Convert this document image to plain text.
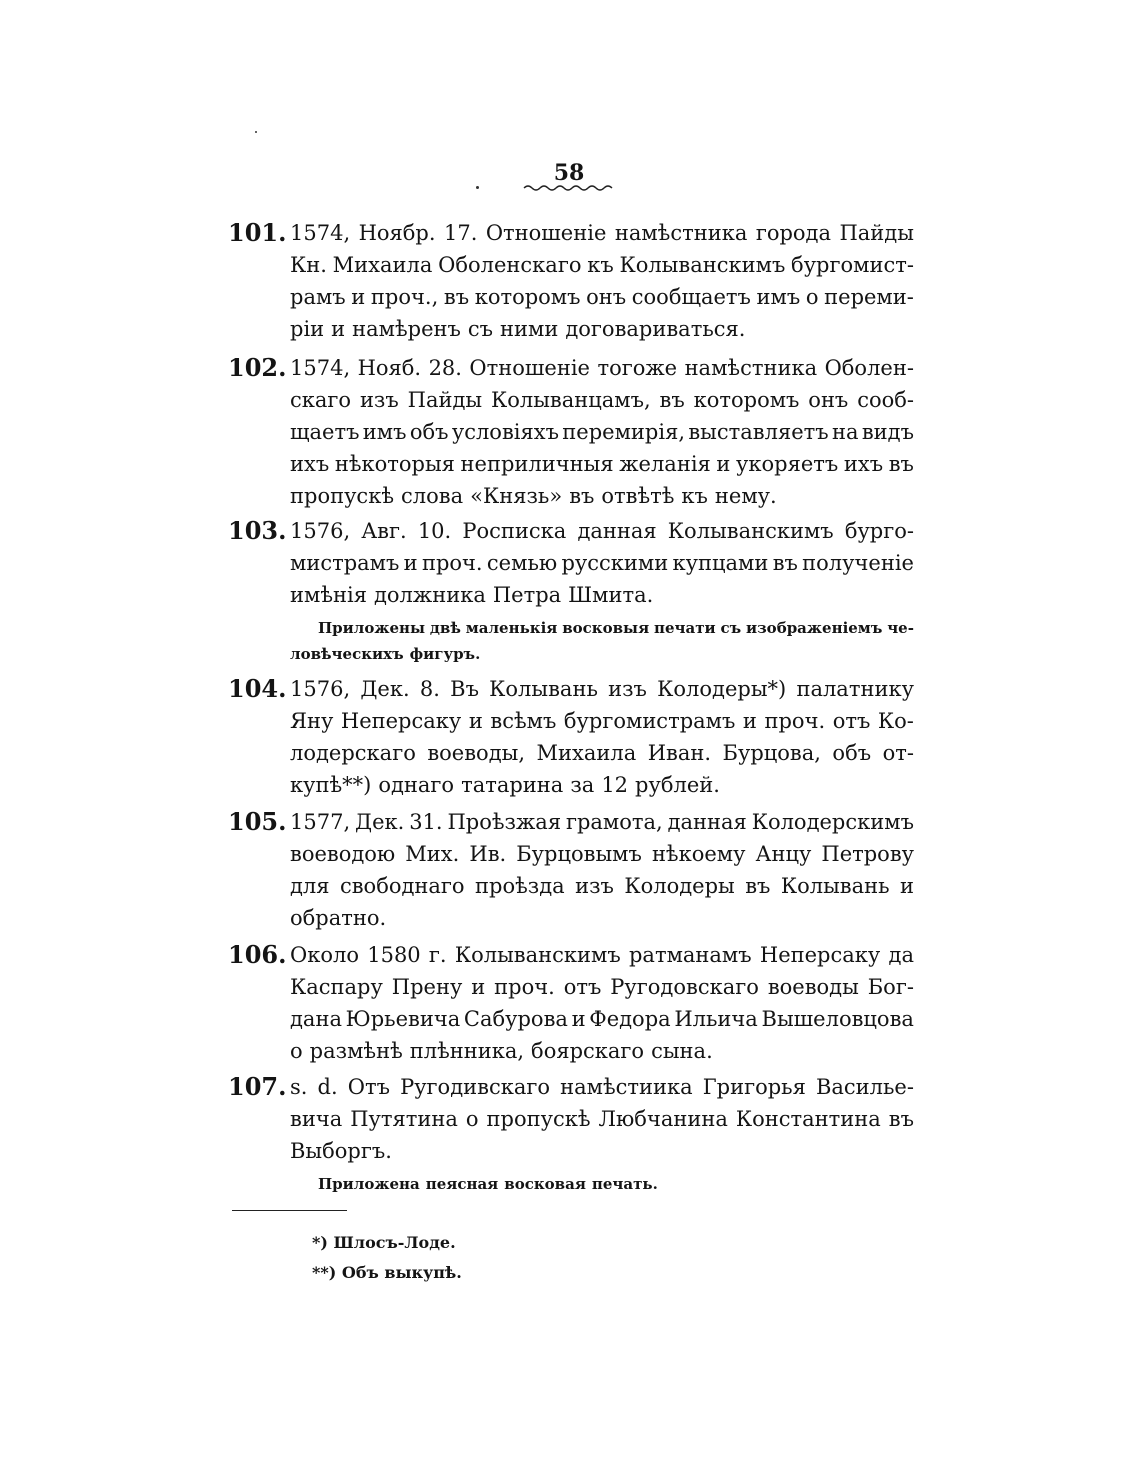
58
101. 1574, Ноябр. 17. Отношенiе намѣстника города Пайды
Кн. Михаила Оболенскаго къ Колыванскимъ бургомист-
рамъ и проч., въ которомъ онъ сообщаетъ имъ о переми-
рiи и намѣренъ съ ними договариваться.
102. 1574, Нояб. 28. Отношенiе тогоже намѣстника Оболен-
скаго изъ Пайды Колыванцамъ, въ которомъ онъ сооб-
щаетъ имъ объ условiяхъ перемирiя, выставляетъ на видъ
ихъ нѣкоторыя неприличныя желанiя и укоряетъ ихъ въ
пропускѣ слова «Князь» въ отвѣтѣ къ нему.
103. 1576, Авг. 10. Росписка данная Колыванскимъ бурго-
мистрамъ и проч. семью русскими купцами въ полученiе
имѣнiя должника Петра Шмита.
Приложены двѣ маленькiя восковыя печати съ изображенiемъ че-
ловѣческихъ фигуръ.
104. 1576, Дек. 8. Въ Колывань изъ Колодеры*) палатнику
Яну Неперсаку и всѣмъ бургомистрамъ и проч. отъ Ко-
лодерскаго воеводы, Михаила Иван. Бурцова, объ от-
купѣ**) однаго татарина за 12 рублей.
105. 1577, Дек. 31. Проѣзжая грамота, данная Колодерскимъ
воеводою Мих. Ив. Бурцовымъ нѣкоему Анцу Петрову
для свободнаго проѣзда изъ Колодеры въ Колывань и
обратно.
106. Около 1580 г. Колыванскимъ ратманамъ Неперсаку да
Каспару Прену и проч. отъ Ругодовскаго воеводы Бог-
дана Юрьевича Сабурова и Федора Ильича Вышеловцова
о размѣнѣ плѣнника, боярскаго сына.
107. s. d. Отъ Ругодивскаго намѣстиика Григорья Василье-
вича Путятина о пропускѣ Любчанина Константина въ
Выборгъ.
Приложена пеясная восковая печать.
*) Шлосъ-Лоде.
**) Объ выкупѣ.
